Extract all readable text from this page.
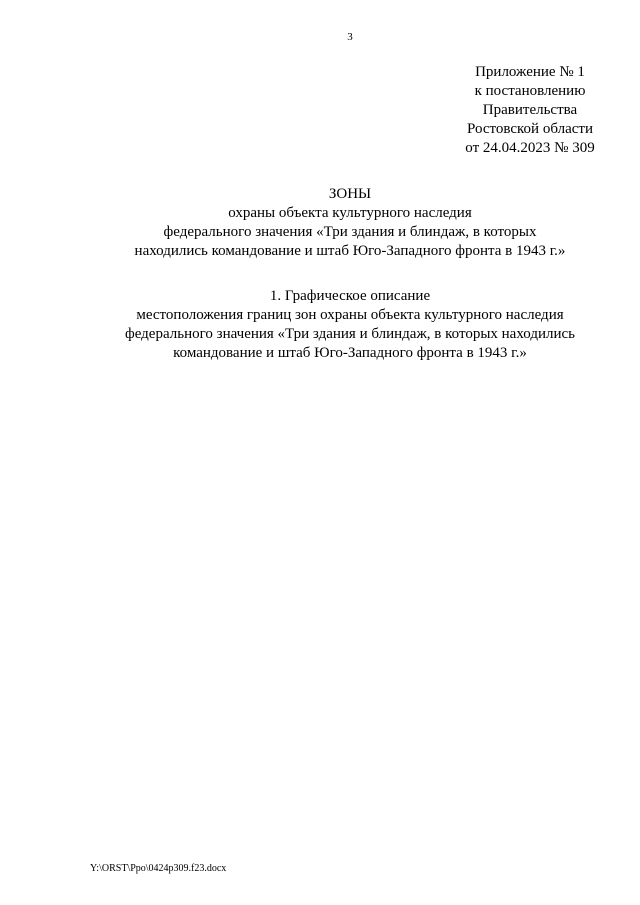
3
Приложение № 1
к постановлению
Правительства
Ростовской области
от 24.04.2023 № 309
ЗОНЫ
охраны объекта культурного наследия
федерального значения «Три здания и блиндаж, в которых
находились командование и штаб Юго-Западного фронта в 1943 г.»
1. Графическое описание
местоположения границ зон охраны объекта культурного наследия
федерального значения «Три здания и блиндаж, в которых находились
командование и штаб Юго-Западного фронта в 1943 г.»
Y:\ORST\Ppo\0424p309.f23.docx
